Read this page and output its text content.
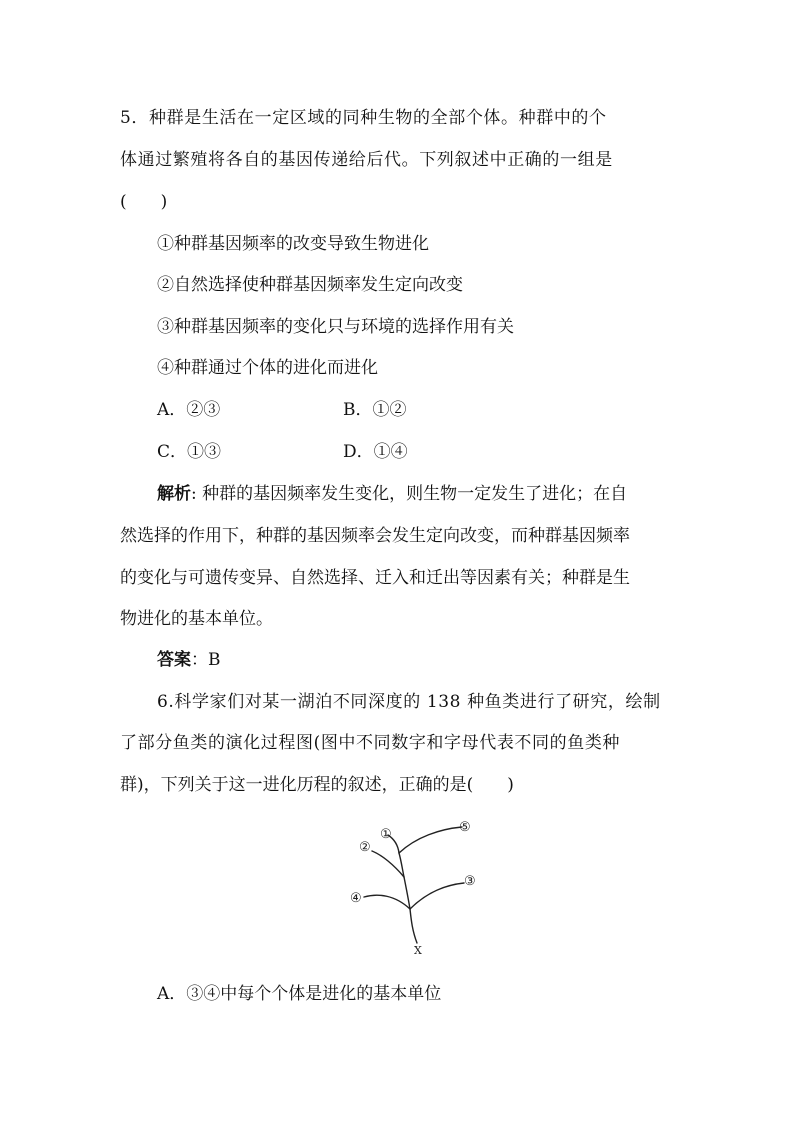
5．种群是生活在一定区域的同种生物的全部个体。种群中的个
体通过繁殖将各自的基因传递给后代。下列叙述中正确的一组是
(　　)
①种群基因频率的改变导致生物进化
②自然选择使种群基因频率发生定向改变
③种群基因频率的变化只与环境的选择作用有关
④种群通过个体的进化而进化
A．②③	B．①②
C．①③	D．①④
解析: 种群的基因频率发生变化，则生物一定发生了进化；在自
然选择的作用下，种群的基因频率会发生定向改变，而种群基因频率
的变化与可遗传变异、自然选择、迁入和迁出等因素有关；种群是生
物进化的基本单位。
答案：B
6.科学家们对某一湖泊不同深度的 138 种鱼类进行了研究，绘制
了部分鱼类的演化过程图(图中不同数字和字母代表不同的鱼类种
群)，下列关于这一进化历程的叙述，正确的是(　　)
①
②
③
④
⑤
X
A．③④中每个个体是进化的基本单位
